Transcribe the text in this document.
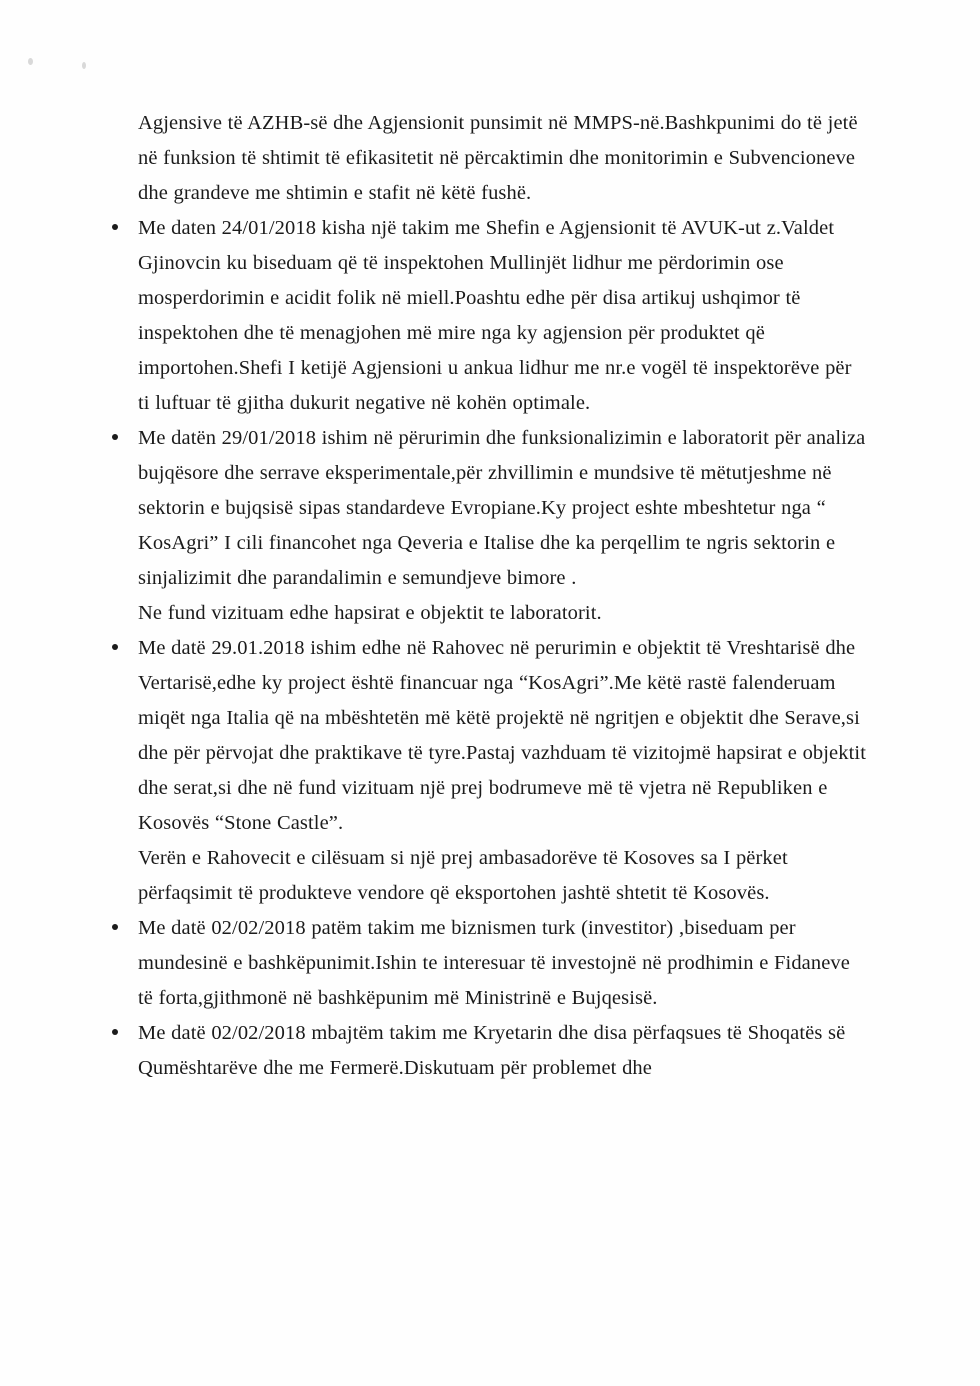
Agjensive të AZHB-së dhe Agjensionit punsimit në MMPS-në.Bashkpunimi do të jetë në funksion të shtimit të efikasitetit në përcaktimin dhe monitorimin e Subvencioneve dhe grandeve me shtimin e stafit në këtë fushë.

Me daten 24/01/2018 kisha një takim me Shefin e Agjensionit të AVUK-ut z.Valdet Gjinovcin ku biseduam që të inspektohen Mullinjët lidhur me përdorimin ose mosperdorimin e acidit folik në miell.Poashtu edhe për disa artikuj ushqimor të inspektohen dhe të menagjohen më mire nga ky agjension për produktet që importohen.Shefi I ketijë Agjensioni u ankua lidhur me nr.e vogël të inspektorëve për ti luftuar të gjitha dukurit negative në kohën optimale.
Me datën 29/01/2018 ishim në përurimin dhe funksionalizimin e laboratorit për analiza bujqësore dhe serrave eksperimentale,për zhvillimin e mundsive të mëtutjeshme në sektorin e bujqsisë sipas standardeve Evropiane.Ky project eshte mbeshtetur nga “ KosAgri” I cili financohet nga Qeveria e Italise dhe ka perqellim te ngris sektorin e sinjalizimit dhe parandalimin e semundjeve bimore .

Ne fund vizituam edhe hapsirat e objektit te laboratorit.

Me datë 29.01.2018 ishim edhe në Rahovec në perurimin e objektit të Vreshtarisë dhe Vertarisë,edhe ky project është financuar nga “KosAgri”.Me këtë rastë falenderuam miqët nga Italia që na mbështetën më këtë projektë në ngritjen e objektit dhe Serave,si dhe për përvojat dhe praktikave të tyre.Pastaj vazhduam të vizitojmë hapsirat e objektit dhe serat,si dhe në fund vizituam një prej bodrumeve më të vjetra në Republiken e Kosovës “Stone Castle”.

Verën e Rahovecit e cilësuam si një prej ambasadorëve të Kosoves sa I përket përfaqsimit të produkteve vendore që eksportohen jashtë shtetit të Kosovës.

Me datë 02/02/2018 patëm takim me biznismen turk (investitor) ,biseduam per mundesinë e bashkëpunimit.Ishin te interesuar të investojnë në prodhimin e Fidaneve të forta,gjithmonë në bashkëpunim më Ministrinë e Bujqesisë.
Me datë 02/02/2018 mbajtëm takim me Kryetarin dhe disa përfaqsues të Shoqatës së Qumështarëve dhe me Fermerë.Diskutuam për problemet dhe
